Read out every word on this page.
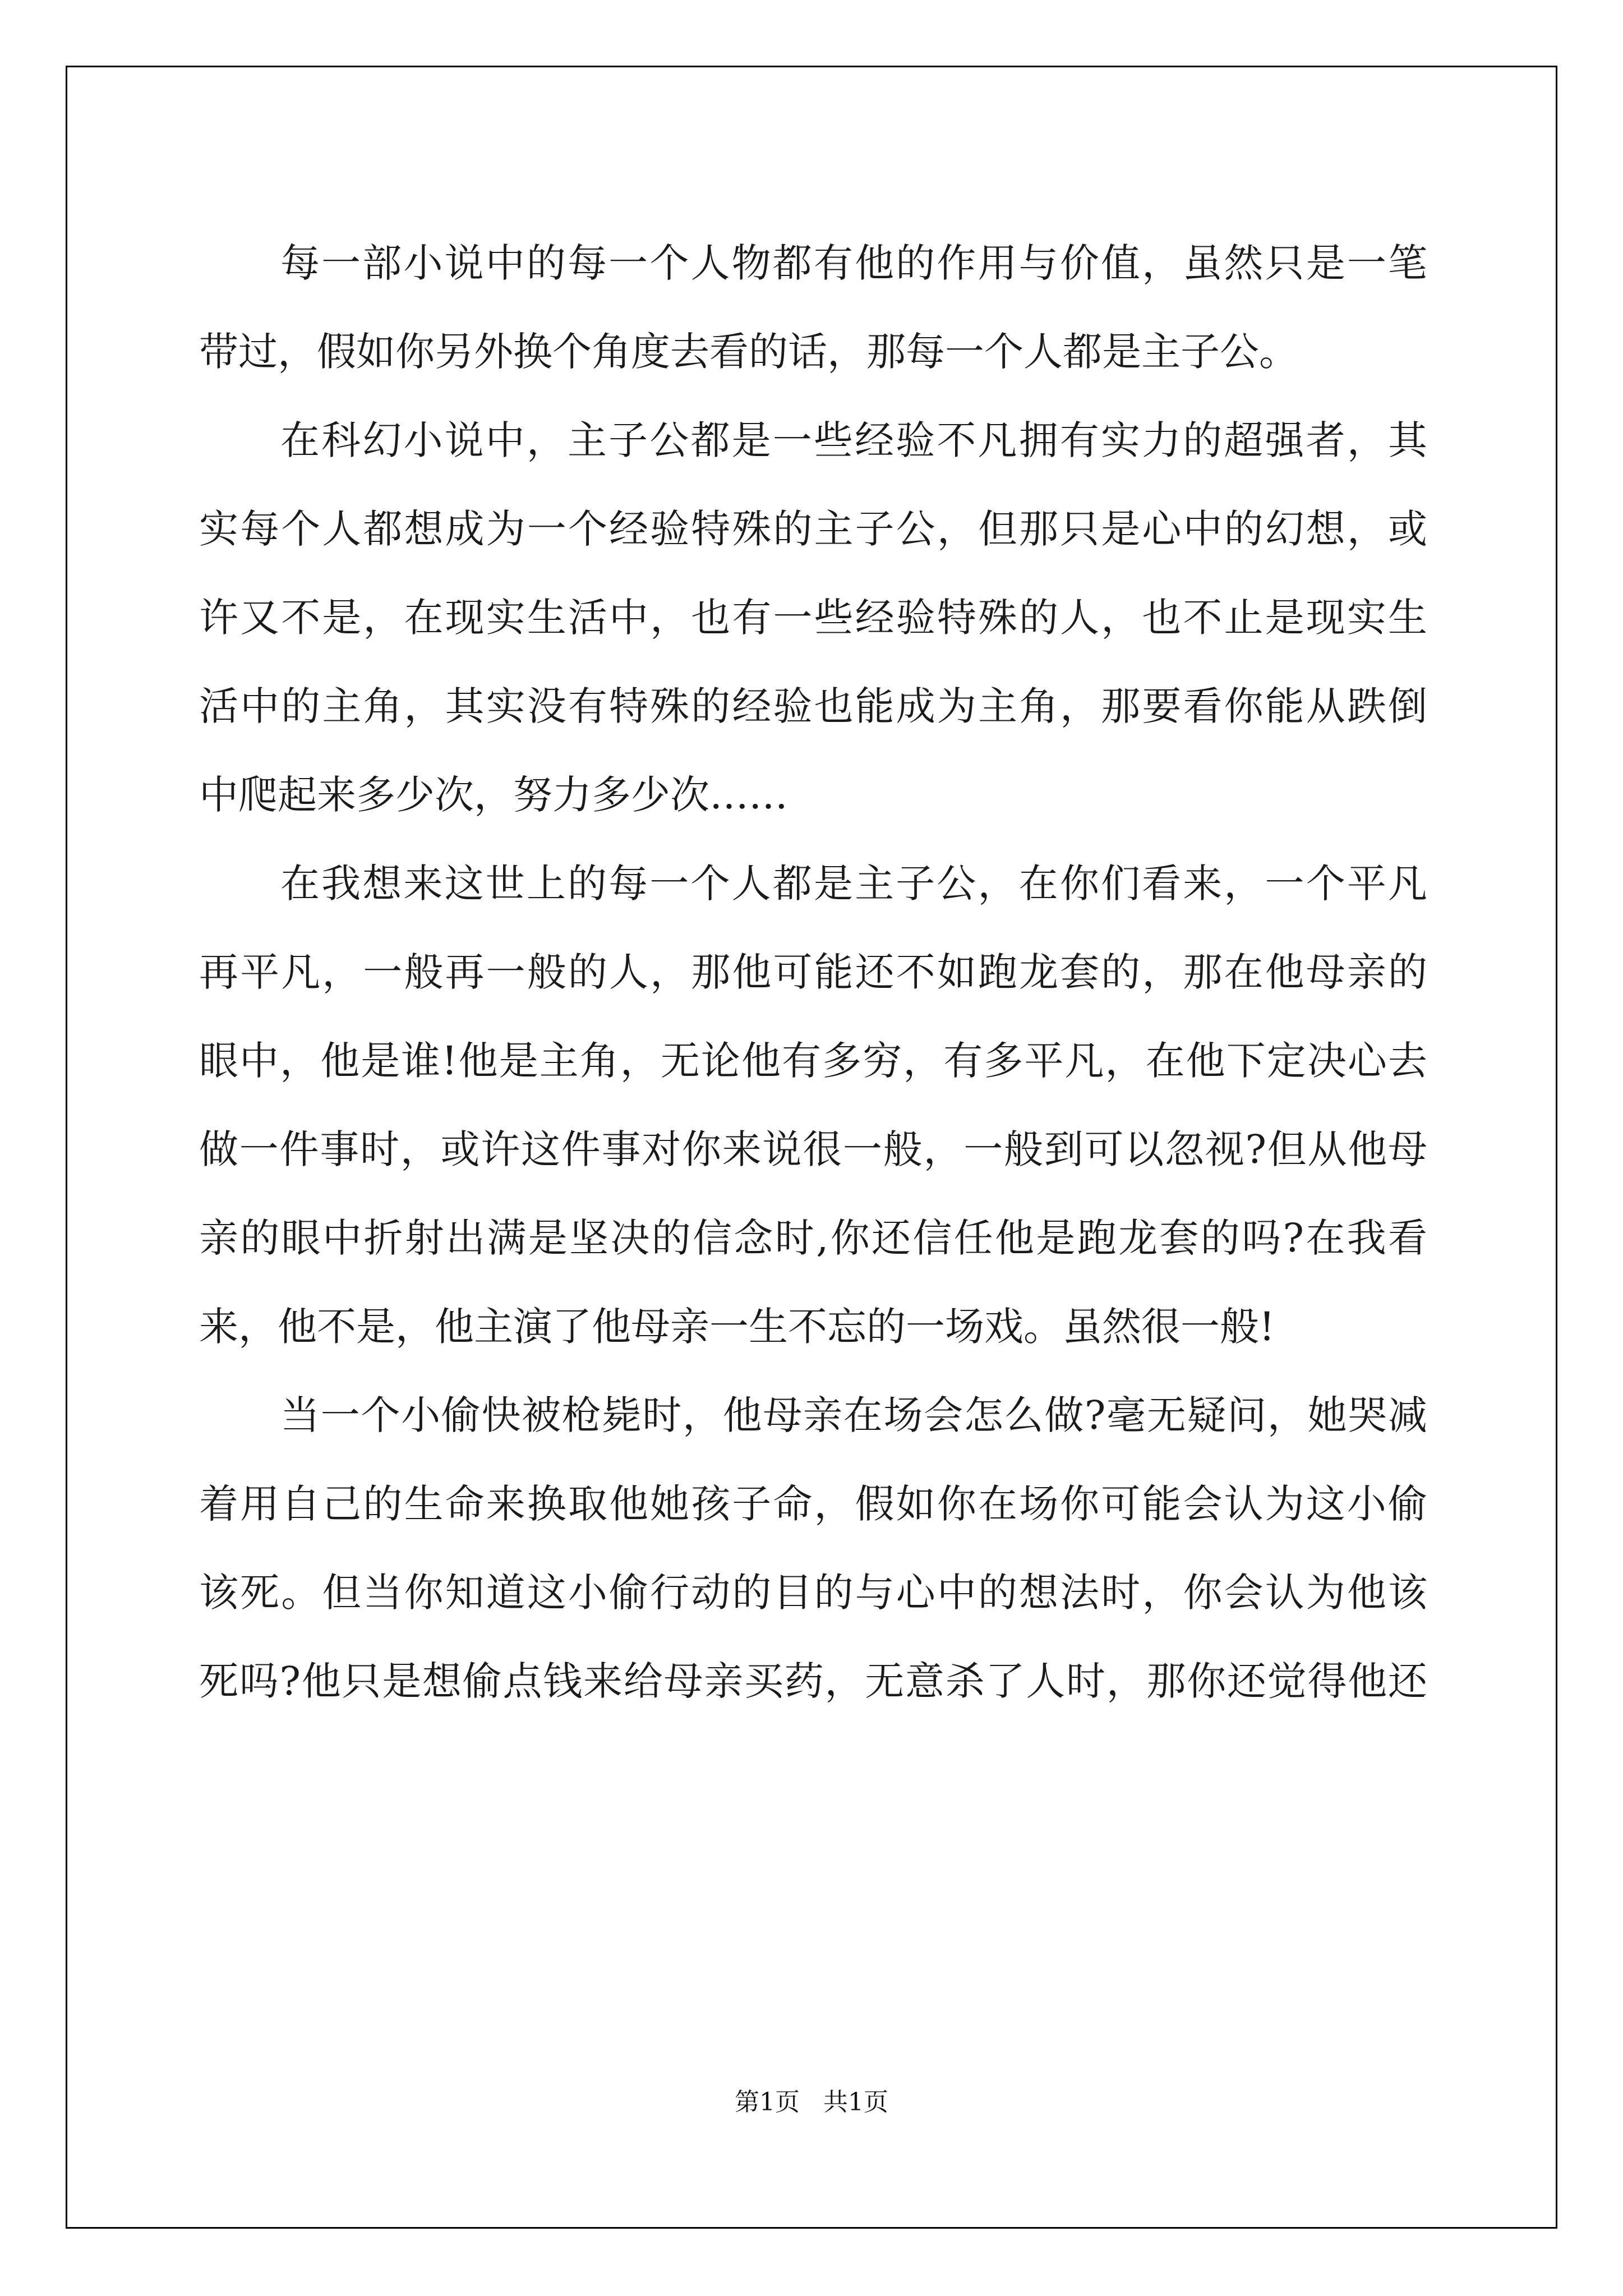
每一部小说中的每一个人物都有他的作用与价值，虽然只是一笔
带过，假如你另外换个角度去看的话，那每一个人都是主子公。
在科幻小说中，主子公都是一些经验不凡拥有实力的超强者，其
实每个人都想成为一个经验特殊的主子公，但那只是心中的幻想，或
许又不是，在现实生活中，也有一些经验特殊的人，也不止是现实生
活中的主角，其实没有特殊的经验也能成为主角，那要看你能从跌倒
中爬起来多少次，努力多少次……
在我想来这世上的每一个人都是主子公，在你们看来，一个平凡
再平凡，一般再一般的人，那他可能还不如跑龙套的，那在他母亲的
眼中，他是谁!他是主角，无论他有多穷，有多平凡，在他下定决心去
做一件事时，或许这件事对你来说很一般，一般到可以忽视?但从他母
亲的眼中折射出满是坚决的信念时,你还信任他是跑龙套的吗?在我看
来，他不是，他主演了他母亲一生不忘的一场戏。虽然很一般!
当一个小偷快被枪毙时，他母亲在场会怎么做?毫无疑问，她哭减
着用自己的生命来换取他她孩子命，假如你在场你可能会认为这小偷
该死。但当你知道这小偷行动的目的与心中的想法时，你会认为他该
死吗?他只是想偷点钱来给母亲买药，无意杀了人时，那你还觉得他还
第1页   共1页
